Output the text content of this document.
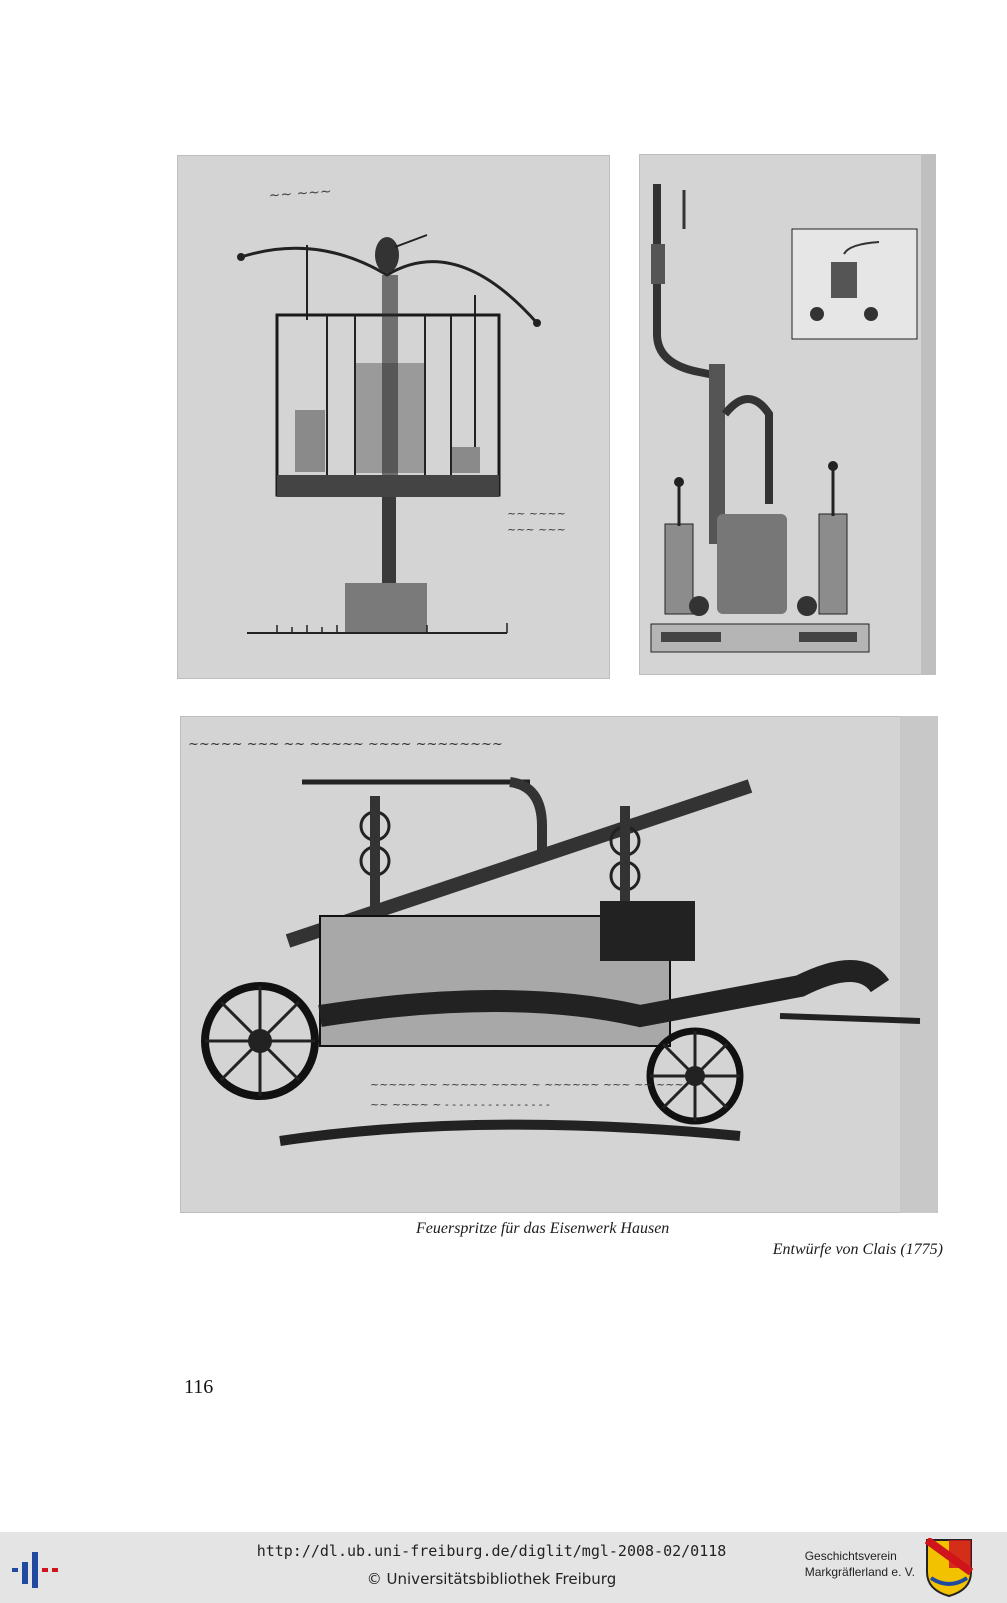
~~ ~~~
~~ ~~~~
~~~ ~~~
~~~~~ ~~~ ~~ ~~~~~ ~~~~ ~~~~~~~~
~~~~~ ~~ ~~~~~ ~~~~ ~ ~~~~~~ ~~~ ~~ ~~~
~~ ~~~~ ~ - - - - - - - - - - - - - - -
Feuerspritze für das Eisenwerk Hausen
Entwürfe von Clais (1775)
116
http://dl.ub.uni-freiburg.de/diglit/mgl-2008-02/0118
© Universitätsbibliothek Freiburg
Geschichtsverein
Markgräflerland e. V.
